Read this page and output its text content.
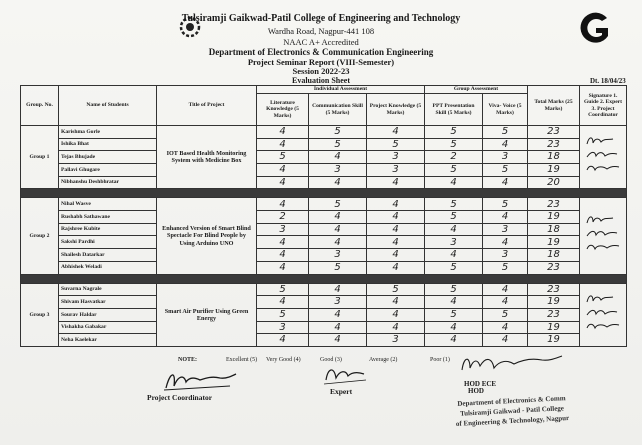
Tulsiramji Gaikwad-Patil College of Engineering and Technology
Wardha Road, Nagpur-441 108
NAAC A+ Accredited
Department of Electronics & Communication Engineering
Project Seminar Report (VIII-Semester)
Session 2022-23
Evaluation Sheet	Dt. 18/04/23
Group. No.	Name of Students	Title of Project	Individual Assessment			Group Assessment		Total Marks (25 Marks)	Signature 1. Guide 2. Expert 3. Project Coordinator
			Literature Knowledge (5 Marks)	Communication Skill (5 Marks)	Project Knowledge (5 Marks)	PPT Presentation Skill (5 Marks)	Viva- Voice (5 Marks)		
Group 1	Karishma Gorle	IOT Based Health Monitoring System with Medicine Box	4	5	4	5	5	23	
	Ishika Bhat		4	5	5	5	4	23	
	Tejas Bhujade		5	4	3	2	3	18	
	Pallavi Ghugare		4	3	3	5	5	19	
	Nibhanshu Deshbhratar		4	4	4	4	4	20	

Group 2	Nihal Wasve	Enhanced Version of Smart Blind Spectacle For Blind People by Using Arduino UNO	4	5	4	5	5	23	
	Rushabh Sathawane		2	4	4	5	4	19	
	Rajshree Kubite		3	4	4	4	3	18	
	Sakshi Pardhi		4	4	4	3	4	19	
	Shailesh Datarkar		4	3	4	4	3	18	
	Abhishek Weladi		4	5	4	5	5	23	

Group 3	Suvarna Nagrale	Smart Air Purifier Using Green Energy	5	4	5	5	4	23	
	Shivam Hasvatkar		4	3	4	4	4	19	
	Sourav Haldar		5	4	4	5	5	23	
	Vishakha Gabakar		3	4	4	4	4	19	
	Neha Kaelekar		4	4	3	4	4	19	
NOTE:	Excellent (5) Very Good (4)	Good (3)	Average (2)	Poor (1)
Project Coordinator
Expert
HOD ECE
HOD
Department of Electronics & Comm
Tulsiramji Gaikwad - Patil College
of Engineering & Technology, Nagpur
